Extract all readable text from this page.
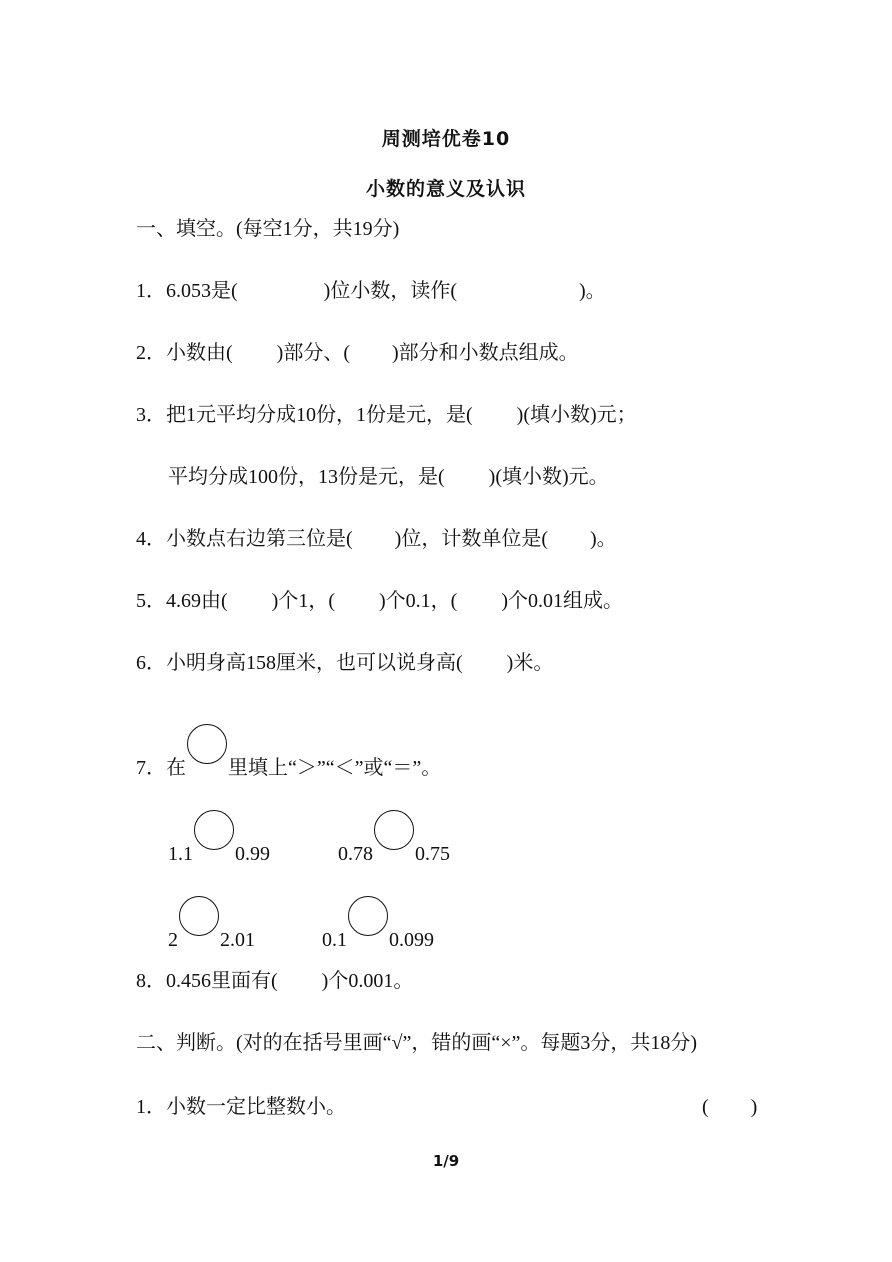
周测培优卷10
小数的意义及认识
一、填空。(每空1分，共19分)
1．6.053是(	)位小数，读作(	)。
2．小数由( )部分、( )部分和小数点组成。
3．把1元平均分成10份，1份是元，是( )(填小数)元；
平均分成100份，13份是元，是( )(填小数)元。
4．小数点右边第三位是( )位，计数单位是( )。
5．4.69由( )个1，( )个0.1，( )个0.01组成。
6．小明身高158厘米，也可以说身高( )米。
7．在 里填上“＞”“＜”或“＝”。
1.1 0.99	0.78 0.75
2 2.01	0.1 0.099
8．0.456里面有( )个0.001。
二、判断。(对的在括号里画“√”，错的画“×”。每题3分，共18分)
1．小数一定比整数小。	( )
1/9
